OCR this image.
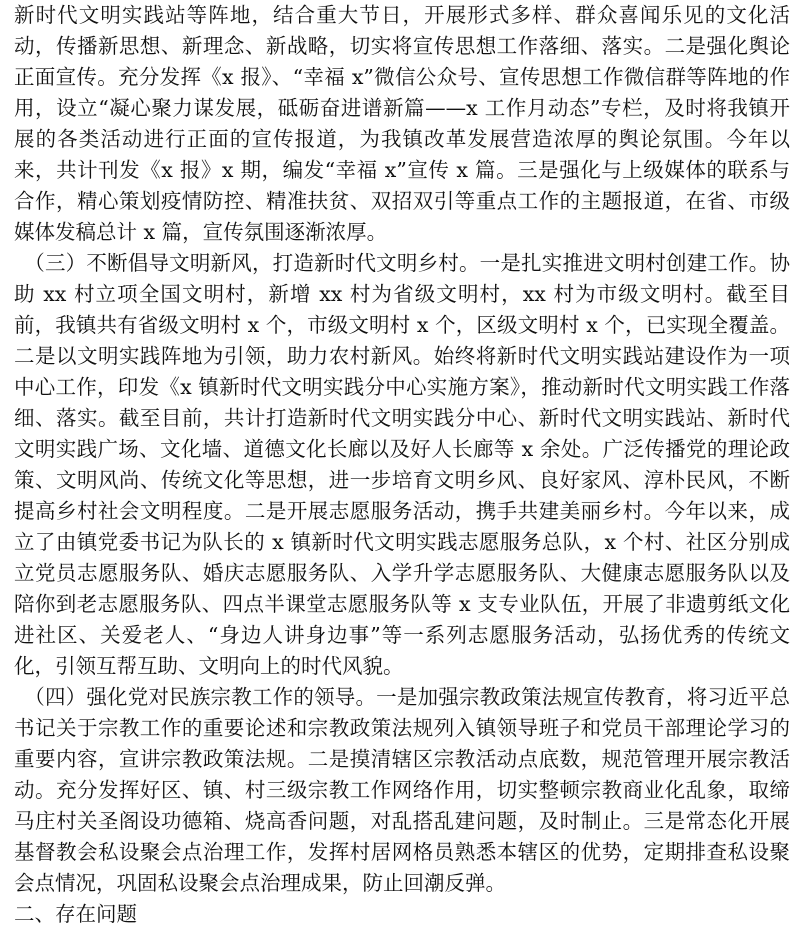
新时代文明实践站等阵地，结合重大节日，开展形式多样、群众喜闻乐见的文化活动，传播新思想、新理念、新战略，切实将宣传思想工作落细、落实。二是强化舆论正面宣传。充分发挥《x 报》、“幸福 x”微信公众号、宣传思想工作微信群等阵地的作用，设立“凝心聚力谋发展，砥砺奋进谱新篇——x 工作月动态”专栏，及时将我镇开展的各类活动进行正面的宣传报道，为我镇改革发展营造浓厚的舆论氛围。今年以来，共计刊发《x 报》x 期，编发“幸福 x”宣传 x 篇。三是强化与上级媒体的联系与合作，精心策划疫情防控、精准扶贫、双招双引等重点工作的主题报道，在省、市级媒体发稿总计 x 篇，宣传氛围逐渐浓厚。

（三）不断倡导文明新风，打造新时代文明乡村。一是扎实推进文明村创建工作。协助 xx 村立项全国文明村，新增 xx 村为省级文明村，xx 村为市级文明村。截至目前，我镇共有省级文明村 x 个，市级文明村 x 个，区级文明村 x 个，已实现全覆盖。二是以文明实践阵地为引领，助力农村新风。始终将新时代文明实践站建设作为一项中心工作，印发《x 镇新时代文明实践分中心实施方案》，推动新时代文明实践工作落细、落实。截至目前，共计打造新时代文明实践分中心、新时代文明实践站、新时代文明实践广场、文化墙、道德文化长廊以及好人长廊等 x 余处。广泛传播党的理论政策、文明风尚、传统文化等思想，进一步培育文明乡风、良好家风、淳朴民风，不断提高乡村社会文明程度。二是开展志愿服务活动，携手共建美丽乡村。今年以来，成立了由镇党委书记为队长的 x 镇新时代文明实践志愿服务总队，x 个村、社区分别成立党员志愿服务队、婚庆志愿服务队、入学升学志愿服务队、大健康志愿服务队以及陪你到老志愿服务队、四点半课堂志愿服务队等 x 支专业队伍，开展了非遗剪纸文化进社区、关爱老人、“身边人讲身边事”等一系列志愿服务活动，弘扬优秀的传统文化，引领互帮互助、文明向上的时代风貌。

（四）强化党对民族宗教工作的领导。一是加强宗教政策法规宣传教育，将习近平总书记关于宗教工作的重要论述和宗教政策法规列入镇领导班子和党员干部理论学习的重要内容，宣讲宗教政策法规。二是摸清辖区宗教活动点底数，规范管理开展宗教活动。充分发挥好区、镇、村三级宗教工作网络作用，切实整顿宗教商业化乱象，取缔马庄村关圣阁设功德箱、烧高香问题，对乱搭乱建问题，及时制止。三是常态化开展基督教会私设聚会点治理工作，发挥村居网格员熟悉本辖区的优势，定期排查私设聚会点情况，巩固私设聚会点治理成果，防止回潮反弹。

二、存在问题
